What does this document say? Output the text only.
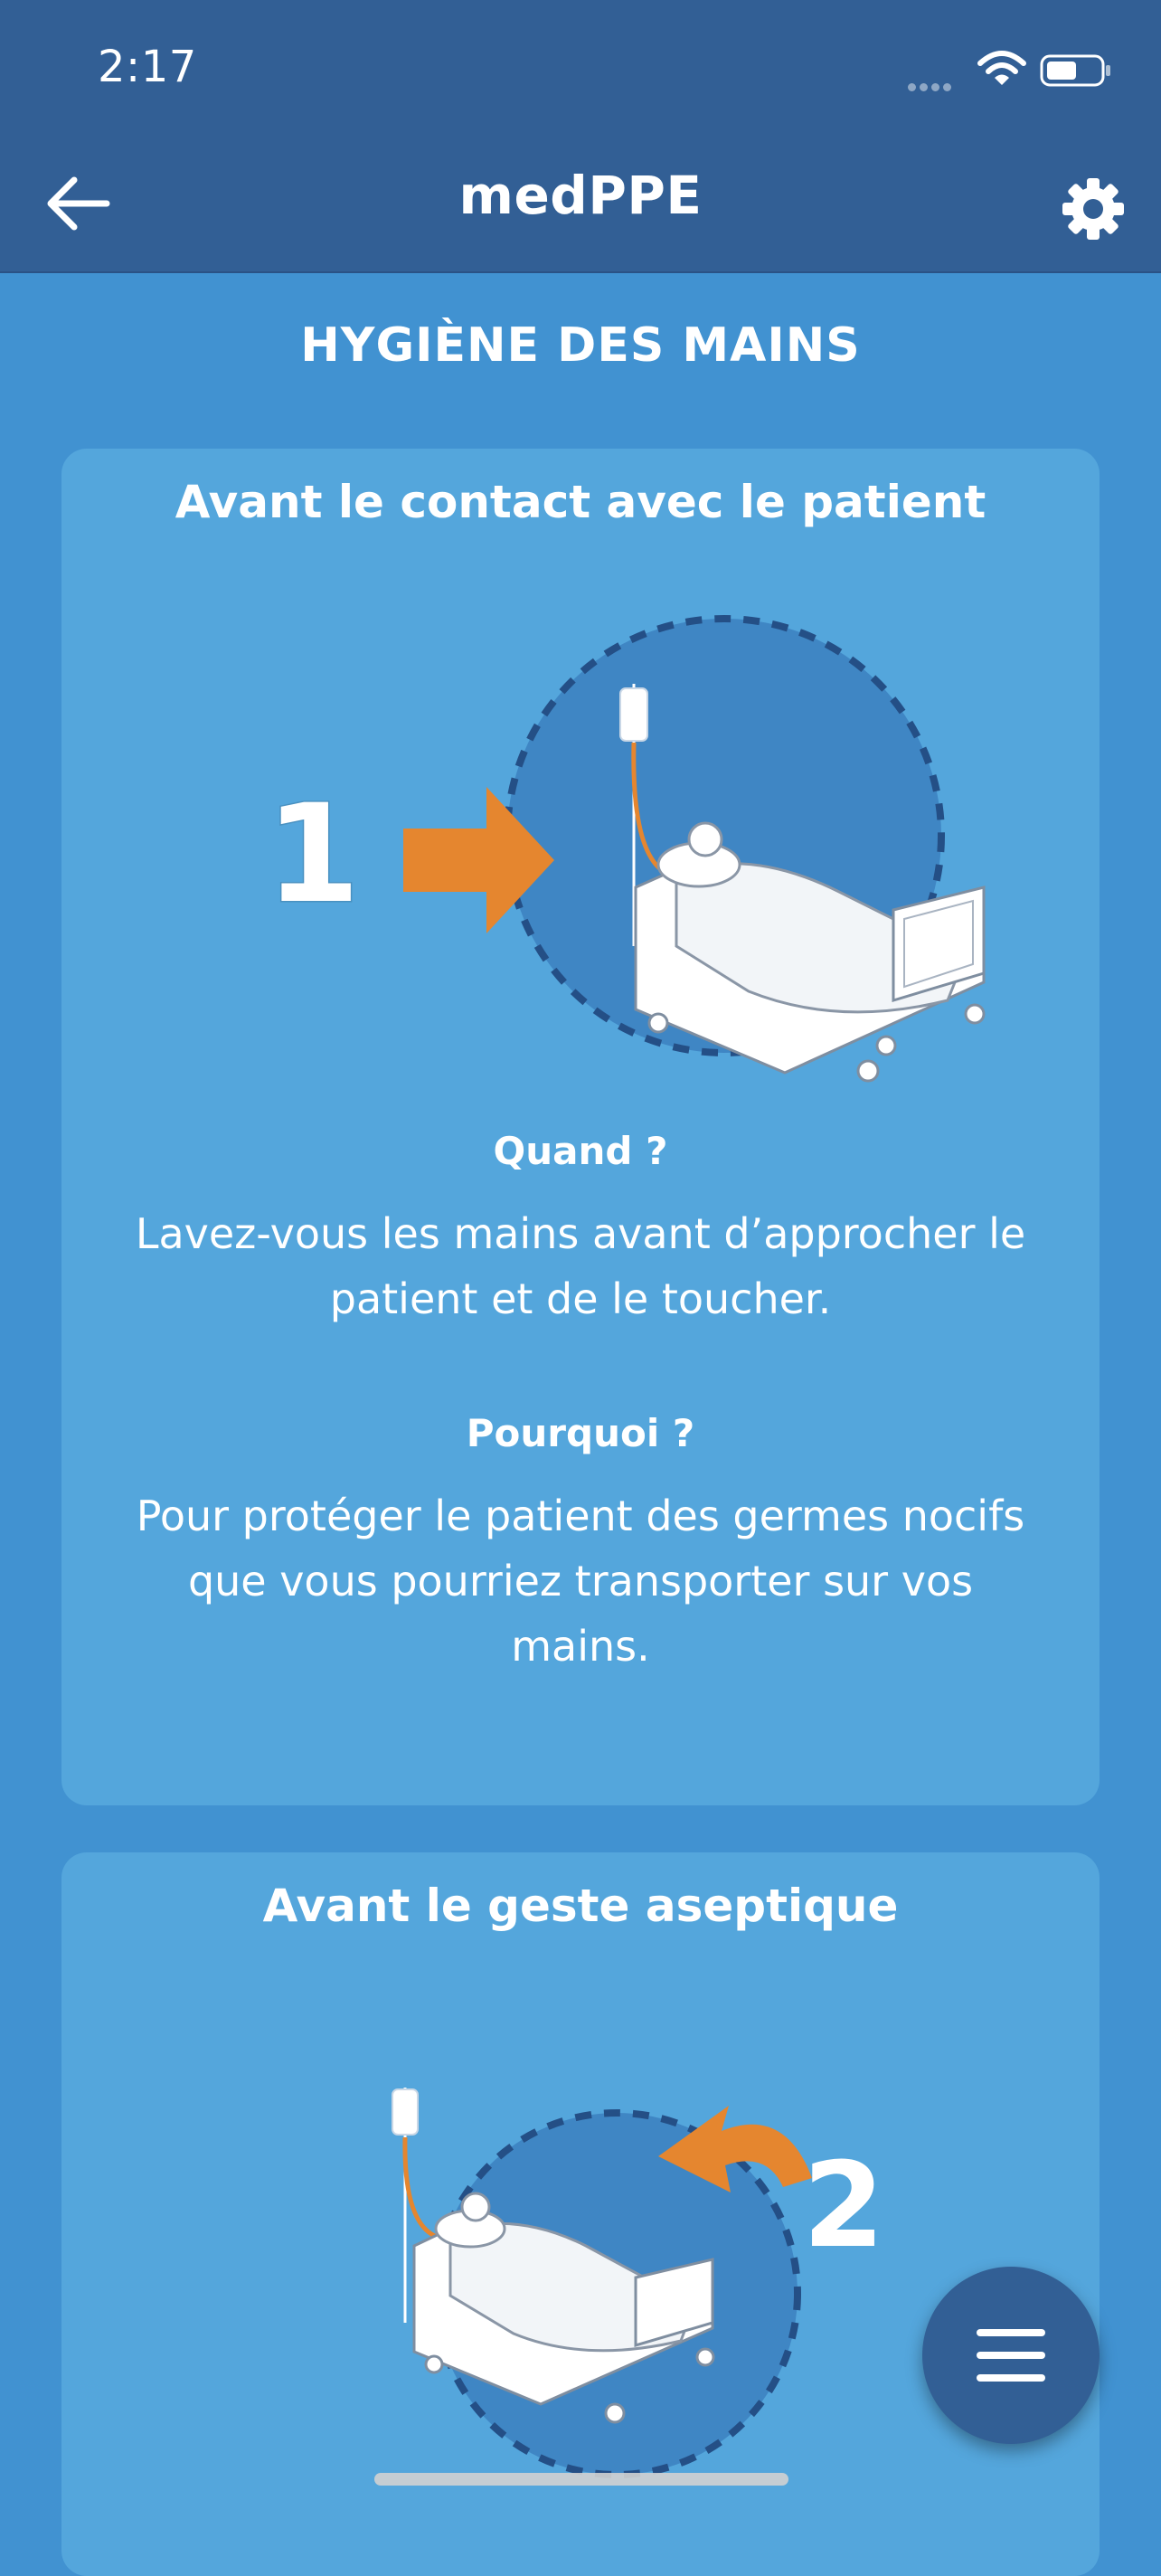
2:17
medPPE
HYGIÈNE DES MAINS
Avant le contact avec le patient
1
Quand ?
Lavez-vous les mains avant d’approcher le patient et de le toucher.
Pourquoi ?
Pour protéger le patient des germes nocifs que vous pourriez transporter sur vos mains.
Avant le geste aseptique
2
